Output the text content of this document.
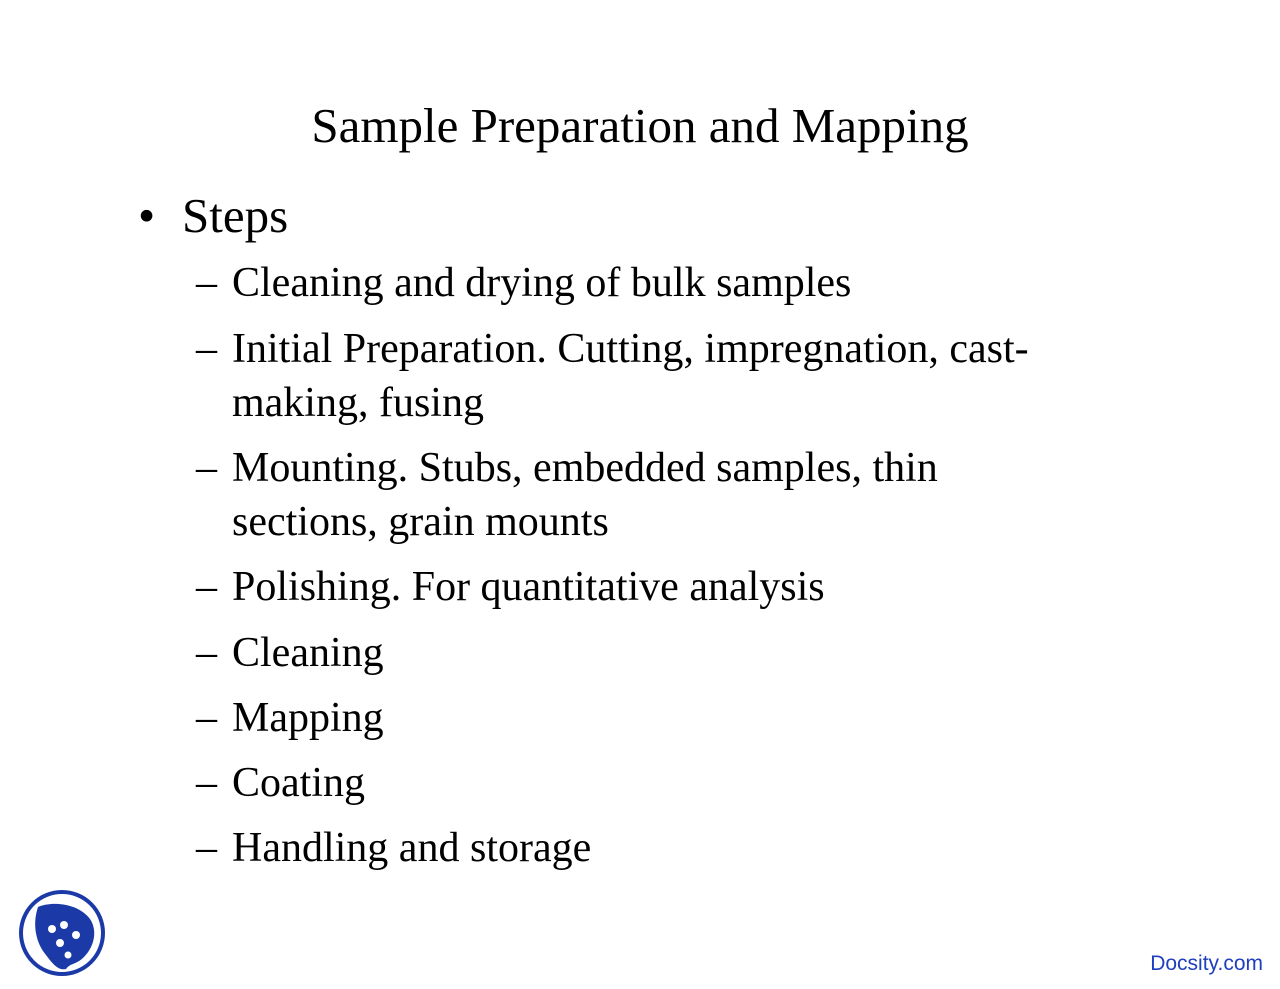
Sample Preparation and Mapping
• Steps
– Cleaning and drying of bulk samples
– Initial Preparation. Cutting, impregnation, cast-
making, fusing
– Mounting. Stubs, embedded samples, thin
sections, grain mounts
– Polishing. For quantitative analysis
– Cleaning
– Mapping
– Coating
– Handling and storage
Docsity.com
